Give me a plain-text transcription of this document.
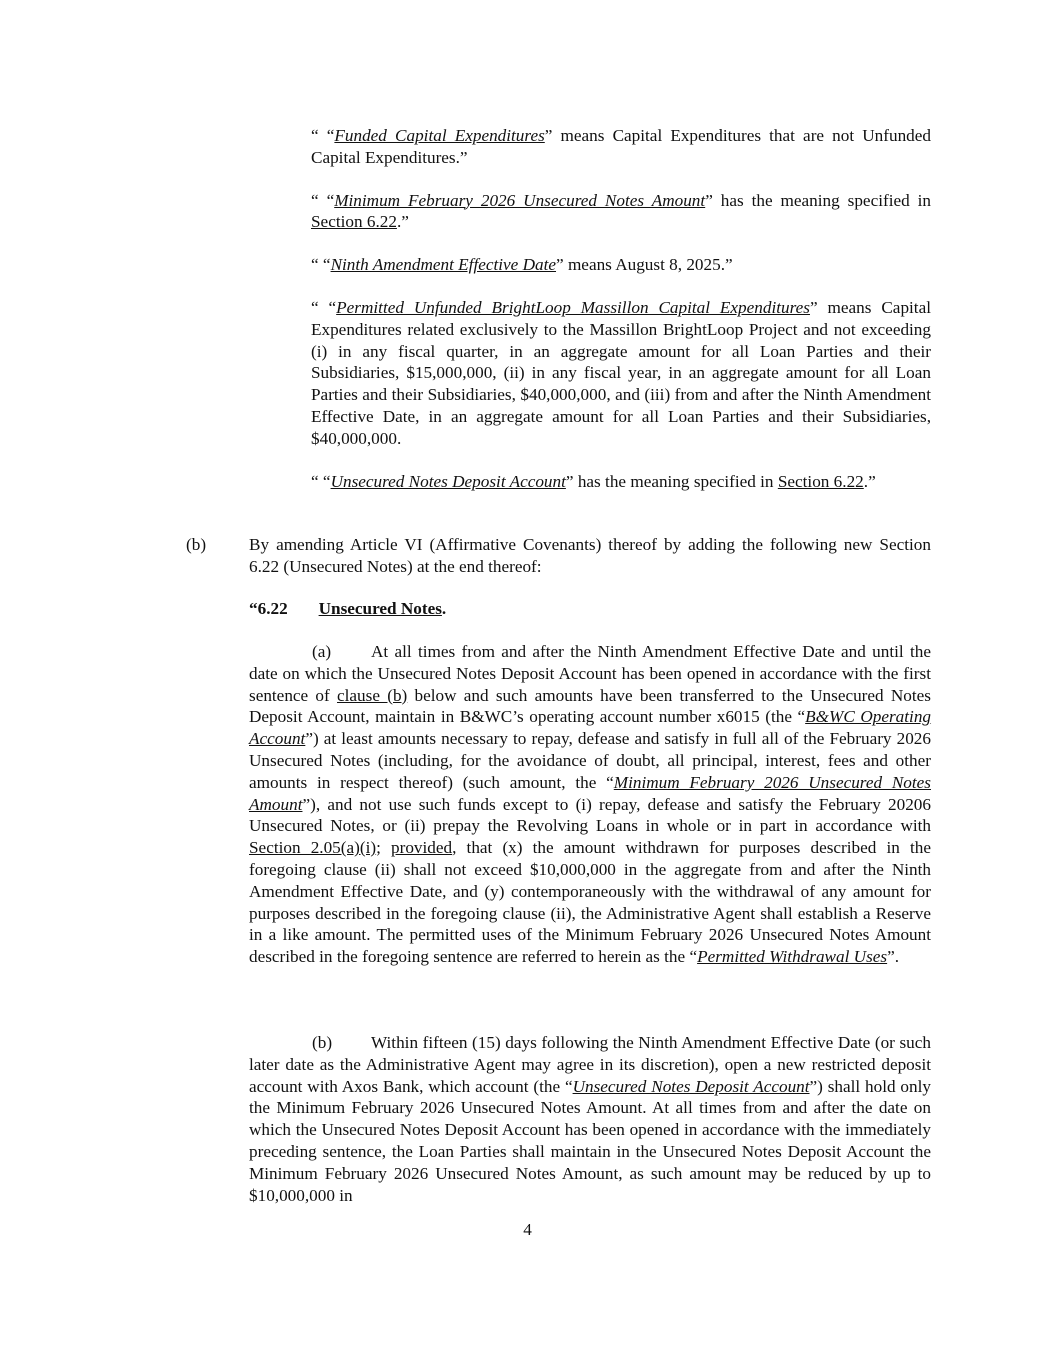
“ “Funded Capital Expenditures” means Capital Expenditures that are not Unfunded Capital Expenditures.”

“ “Minimum February 2026 Unsecured Notes Amount” has the meaning specified in Section 6.22.”

“ “Ninth Amendment Effective Date” means August 8, 2025.”

“ “Permitted Unfunded BrightLoop Massillon Capital Expenditures” means Capital Expenditures related exclusively to the Massillon BrightLoop Project and not exceeding (i) in any fiscal quarter, in an aggregate amount for all Loan Parties and their Subsidiaries, $15,000,000, (ii) in any fiscal year, in an aggregate amount for all Loan Parties and their Subsidiaries, $40,000,000, and (iii) from and after the Ninth Amendment Effective Date, in an aggregate amount for all Loan Parties and their Subsidiaries, $40,000,000.

“ “Unsecured Notes Deposit Account” has the meaning specified in Section 6.22.”

(b) By amending Article VI (Affirmative Covenants) thereof by adding the following new Section 6.22 (Unsecured Notes) at the end thereof:

“6.22 Unsecured Notes.

(a) At all times from and after the Ninth Amendment Effective Date and until the date on which the Unsecured Notes Deposit Account has been opened in accordance with the first sentence of clause (b) below and such amounts have been transferred to the Unsecured Notes Deposit Account, maintain in B&WC’s operating account number x6015 (the “B&WC Operating Account”) at least amounts necessary to repay, defease and satisfy in full all of the February 2026 Unsecured Notes (including, for the avoidance of doubt, all principal, interest, fees and other amounts in respect thereof) (such amount, the “Minimum February 2026 Unsecured Notes Amount”), and not use such funds except to (i) repay, defease and satisfy the February 20206 Unsecured Notes, or (ii) prepay the Revolving Loans in whole or in part in accordance with Section 2.05(a)(i); provided, that (x) the amount withdrawn for purposes described in the foregoing clause (ii) shall not exceed $10,000,000 in the aggregate from and after the Ninth Amendment Effective Date, and (y) contemporaneously with the withdrawal of any amount for purposes described in the foregoing clause (ii), the Administrative Agent shall establish a Reserve in a like amount. The permitted uses of the Minimum February 2026 Unsecured Notes Amount described in the foregoing sentence are referred to herein as the “Permitted Withdrawal Uses”.

(b) Within fifteen (15) days following the Ninth Amendment Effective Date (or such later date as the Administrative Agent may agree in its discretion), open a new restricted deposit account with Axos Bank, which account (the “Unsecured Notes Deposit Account”) shall hold only the Minimum February 2026 Unsecured Notes Amount. At all times from and after the date on which the Unsecured Notes Deposit Account has been opened in accordance with the immediately preceding sentence, the Loan Parties shall maintain in the Unsecured Notes Deposit Account the Minimum February 2026 Unsecured Notes Amount, as such amount may be reduced by up to $10,000,000 in

4
